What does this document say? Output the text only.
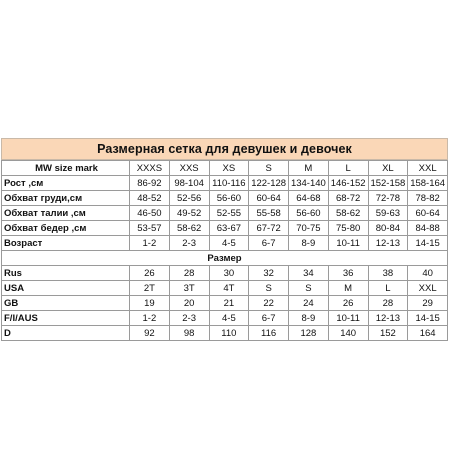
Размерная сетка для девушек и девочек
MW size mark	XXXS	XXS	XS	S	M	L	XL	XXL
Рост ,см	86-92	98-104	110-116	122-128	134-140	146-152	152-158	158-164
Обхват груди,см	48-52	52-56	56-60	60-64	64-68	68-72	72-78	78-82
Обхват талии ,см	46-50	49-52	52-55	55-58	56-60	58-62	59-63	60-64
Обхват бедер ,см	53-57	58-62	63-67	67-72	70-75	75-80	80-84	84-88
Возраст	1-2	2-3	4-5	6-7	8-9	10-11	12-13	14-15
Размер								
Rus	26	28	30	32	34	36	38	40
USA	2T	3T	4T	S	S	M	L	XXL
GB	19	20	21	22	24	26	28	29
F/I/AUS	1-2	2-3	4-5	6-7	8-9	10-11	12-13	14-15
D	92	98	110	116	128	140	152	164
